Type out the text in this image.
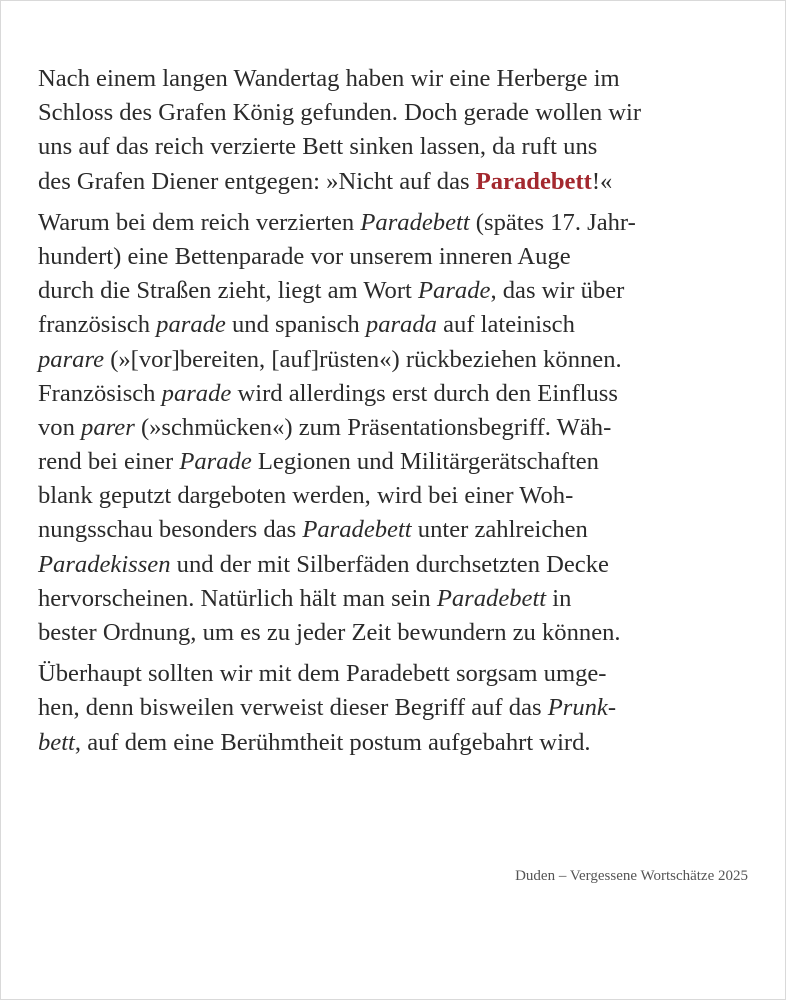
Nach einem langen Wandertag haben wir eine Herberge im
Schloss des Grafen König gefunden. Doch gerade wollen wir
uns auf das reich verzierte Bett sinken lassen, da ruft uns
des Grafen Diener entgegen: »Nicht auf das Paradebett!«
Warum bei dem reich verzierten Paradebett (spätes 17. Jahr-
hundert) eine Bettenparade vor unserem inneren Auge
durch die Straßen zieht, liegt am Wort Parade, das wir über
französisch parade und spanisch parada auf lateinisch
parare (»[vor]bereiten, [auf]rüsten«) rückbeziehen können.
Französisch parade wird allerdings erst durch den Einfluss
von parer (»schmücken«) zum Präsentationsbegriff. Wäh-
rend bei einer Parade Legionen und Militärgerätschaften
blank geputzt dargeboten werden, wird bei einer Woh-
nungsschau besonders das Paradebett unter zahlreichen
Paradekissen und der mit Silberfäden durchsetzten Decke
hervorscheinen. Natürlich hält man sein Paradebett in
bester Ordnung, um es zu jeder Zeit bewundern zu können.
Überhaupt sollten wir mit dem Paradebett sorgsam umge-
hen, denn bisweilen verweist dieser Begriff auf das Prunk-
bett, auf dem eine Berühmtheit postum aufgebahrt wird.
Duden – Vergessene Wortschätze 2025
